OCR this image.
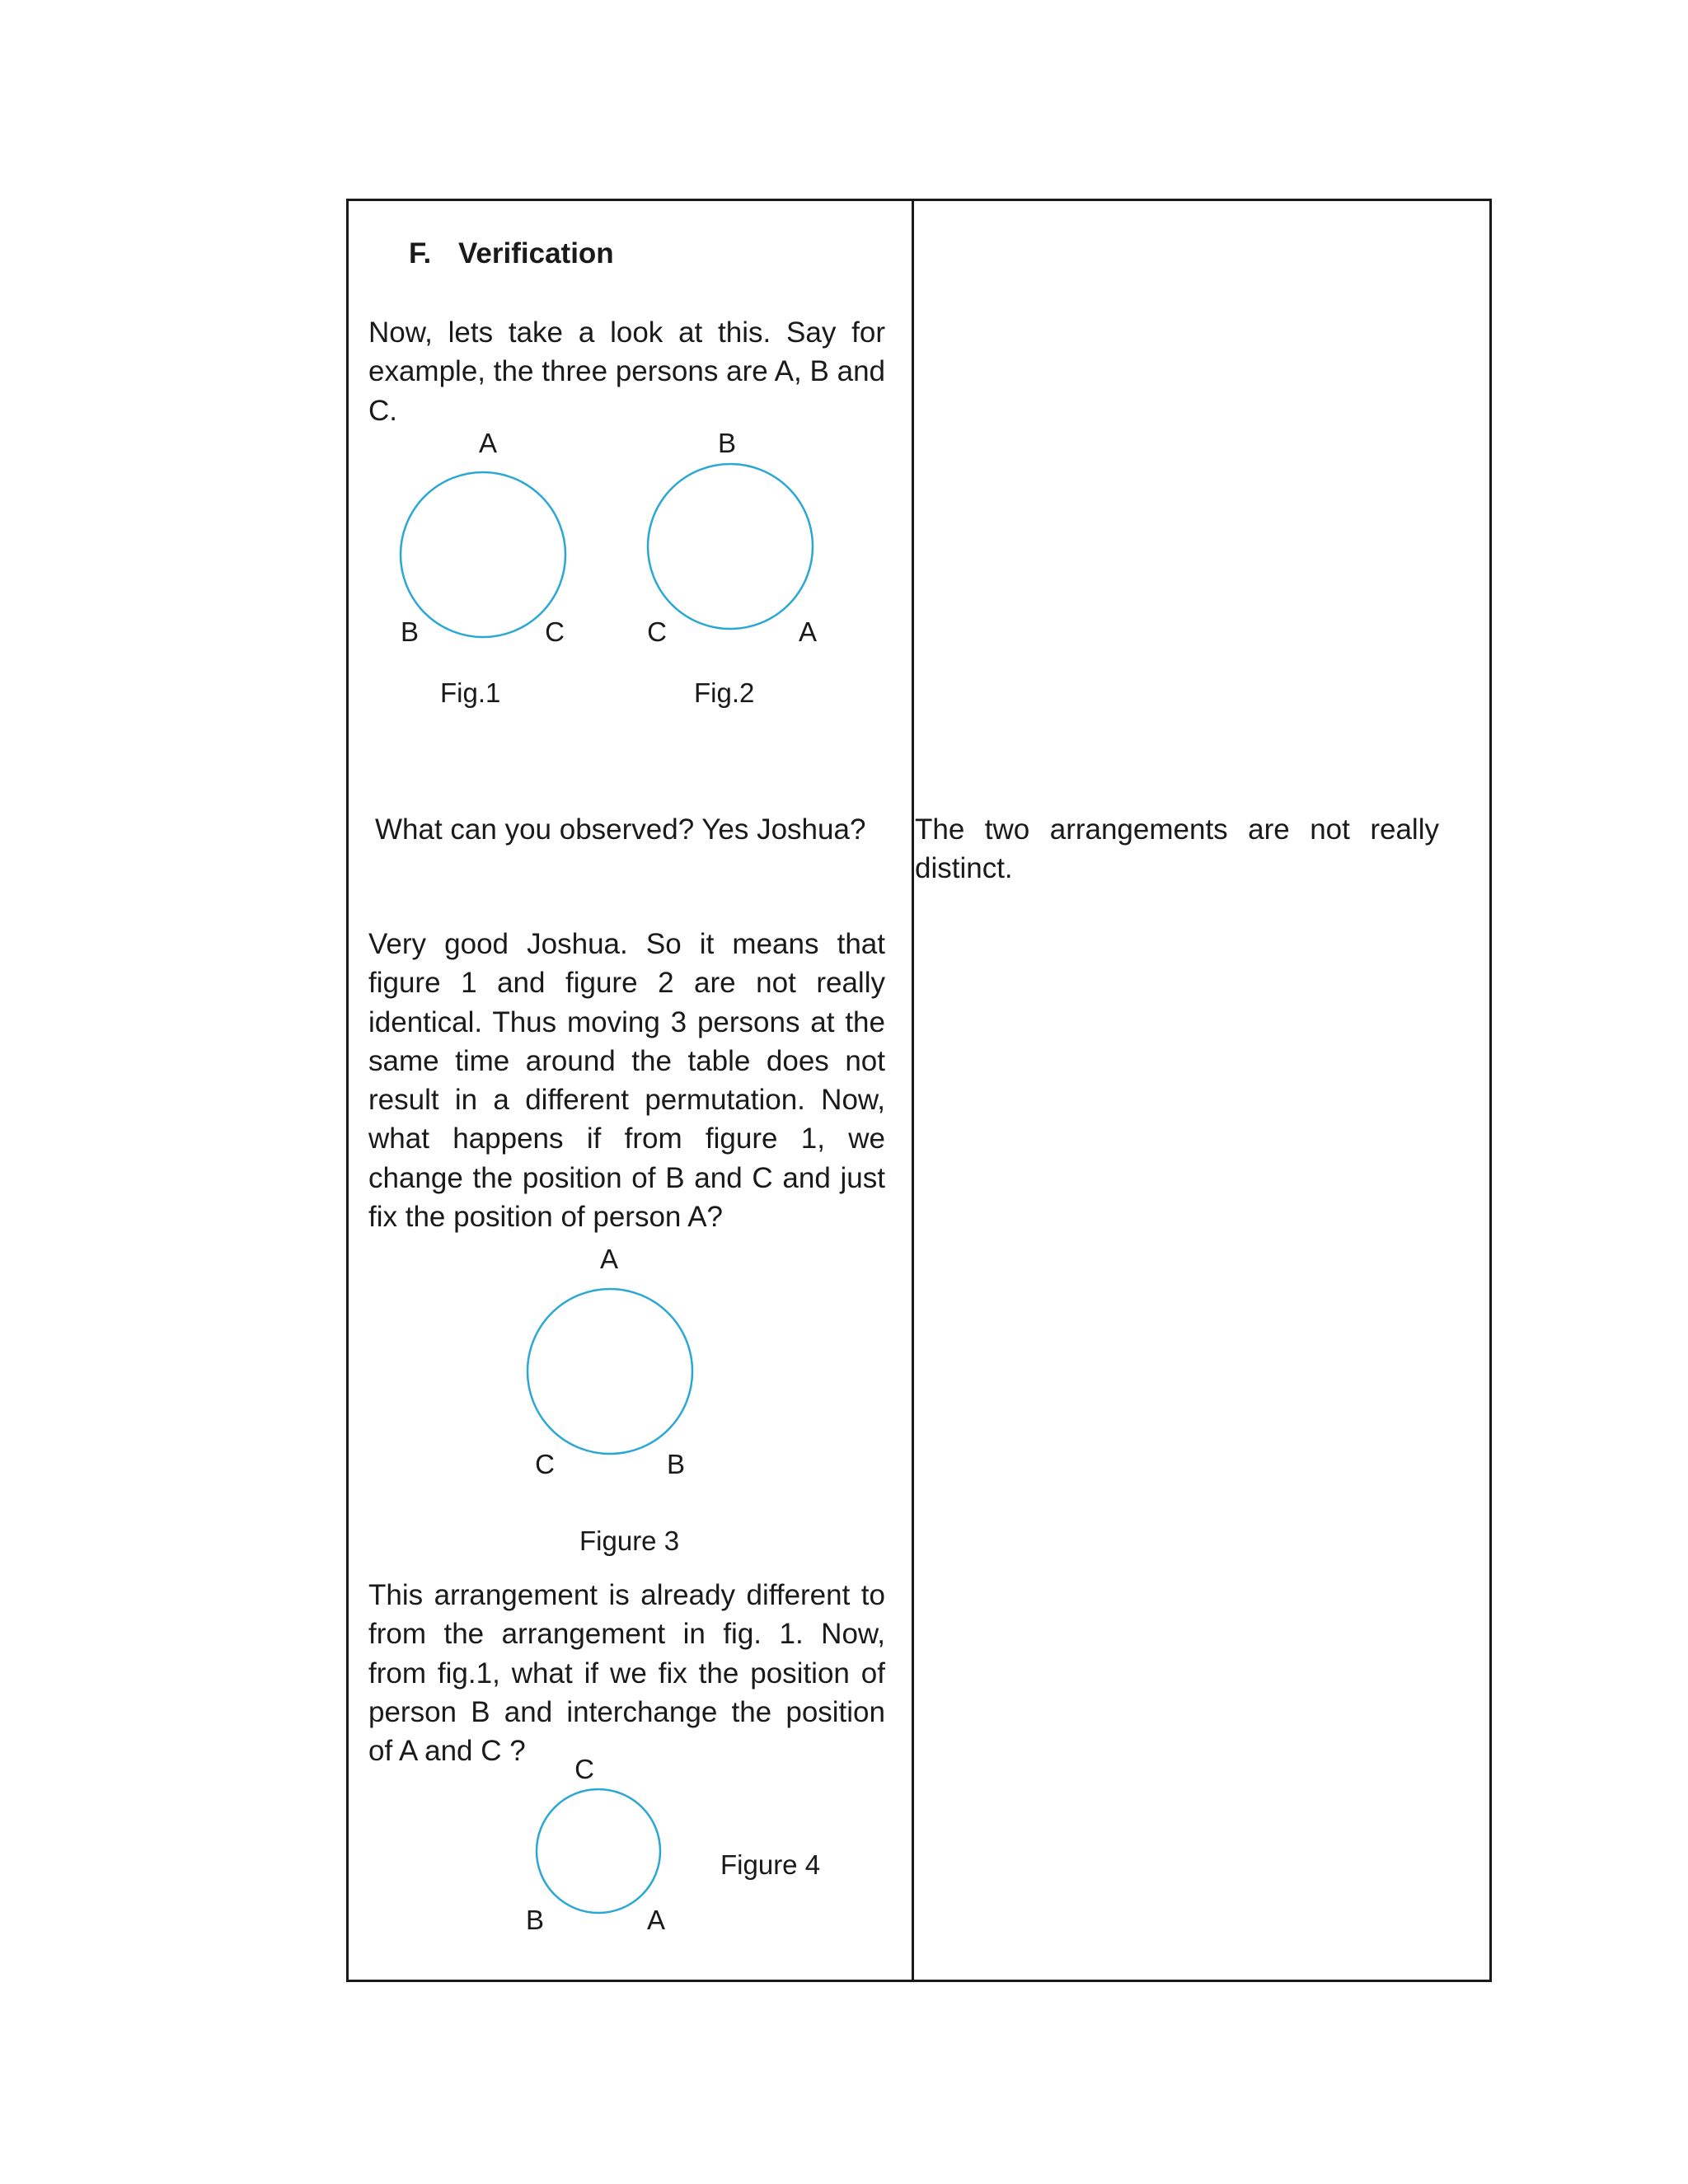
F. Verification
Now, lets take a look at this. Say for example, the three persons are A, B and C.
A
B	C
Fig.1
B
C	A
Fig.2
What can you observed? Yes Joshua? The two arrangements are not really distinct.
Very good Joshua. So it means that figure 1 and figure 2 are not really identical. Thus moving 3 persons at the same time around the table does not result in a different permutation. Now, what happens if from figure 1, we change the position of B and C and just fix the position of person A?
A
C	B
Figure 3
This arrangement is already different to from the arrangement in fig. 1. Now, from fig.1, what if we fix the position of person B and interchange the position of A and C ?
C
B	A
Figure 4
